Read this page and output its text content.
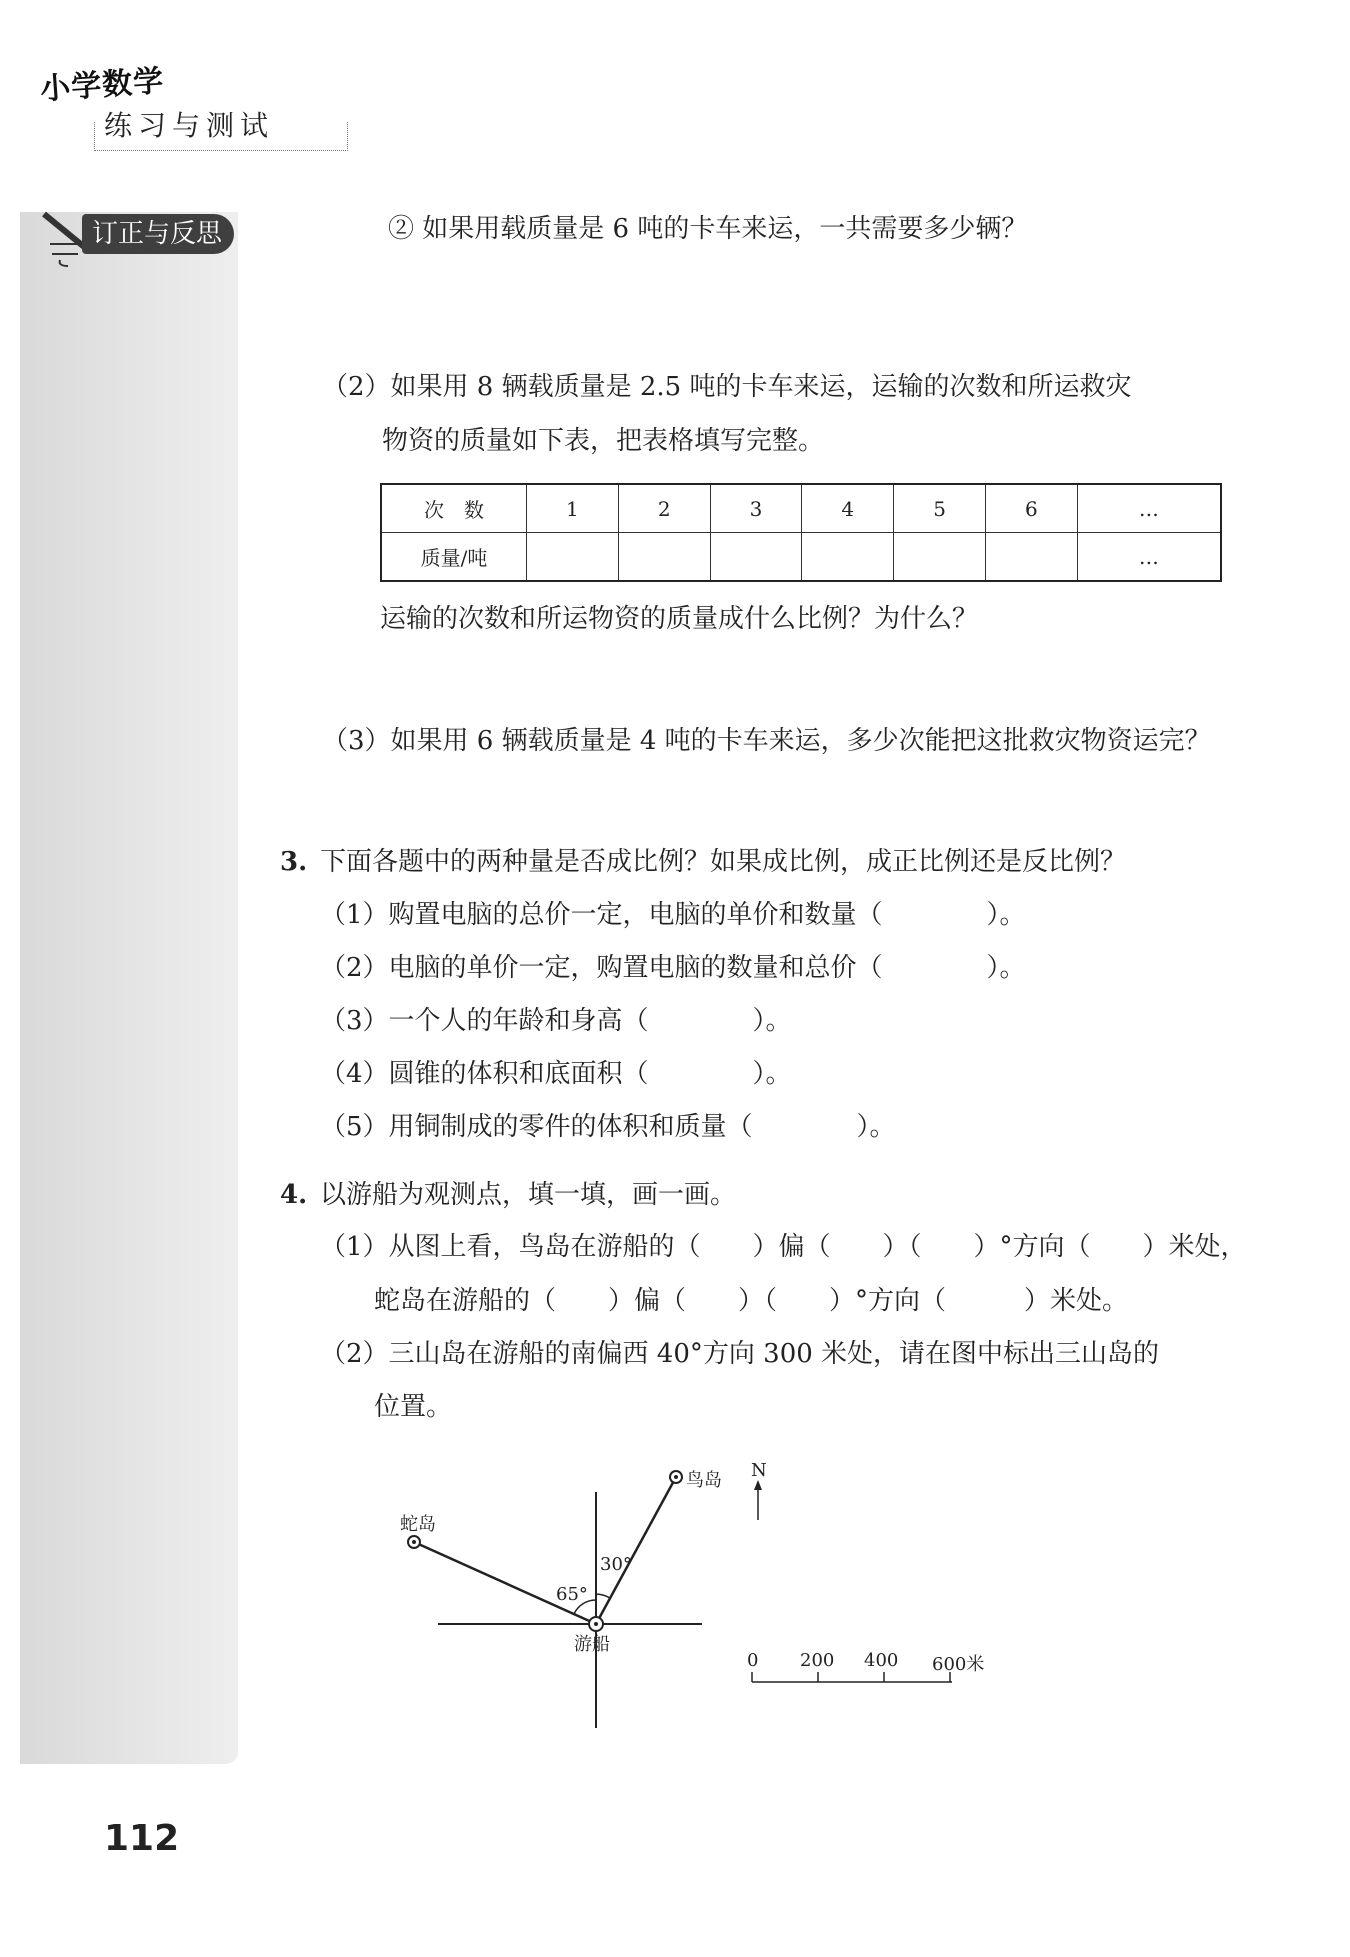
小学数学
练习与测试
订正与反思	② 如果用载质量是 6 吨的卡车来运，一共需要多少辆？
（2）如果用 8 辆载质量是 2.5 吨的卡车来运，运输的次数和所运救灾
物资的质量如下表，把表格填写完整。
次　数	1	2	3	4	5	6	…
质量/吨							…
运输的次数和所运物资的质量成什么比例？为什么？
（3）如果用 6 辆载质量是 4 吨的卡车来运，多少次能把这批救灾物资运完？
3. 下面各题中的两种量是否成比例？如果成比例，成正比例还是反比例？
（1）购置电脑的总价一定，电脑的单价和数量（　　　　）。
（2）电脑的单价一定，购置电脑的数量和总价（　　　　）。
（3）一个人的年龄和身高（　　　　）。
（4）圆锥的体积和底面积（　　　　）。
（5）用铜制成的零件的体积和质量（　　　　）。
4. 以游船为观测点，填一填，画一画。
（1）从图上看，鸟岛在游船的（　　）偏（　　）（　　）°方向（　　）米处，
蛇岛在游船的（　　）偏（　　）（　　）°方向（　　　）米处。
（2）三山岛在游船的南偏西 40°方向 300 米处，请在图中标出三山岛的
位置。
鸟岛
蛇岛
游船
N
30°
65°
0 200 400 600米
112
